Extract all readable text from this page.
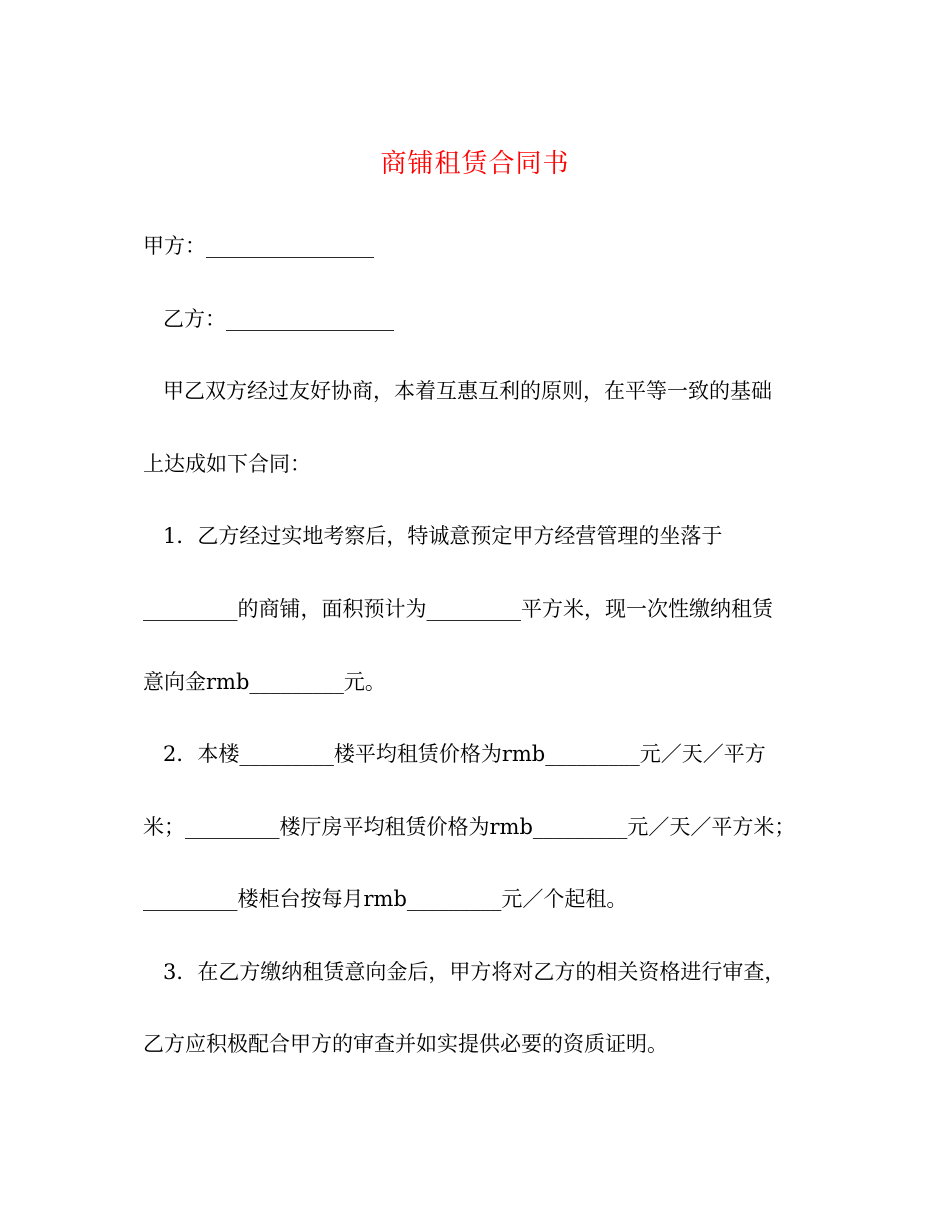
商铺租赁合同书
甲方：________________
乙方：________________
甲乙双方经过友好协商，本着互惠互利的原则，在平等一致的基础
上达成如下合同：
1．乙方经过实地考察后，特诚意预定甲方经营管理的坐落于
_________的商铺，面积预计为_________平方米，现一次性缴纳租赁
意向金rmb_________元。
2．本楼_________楼平均租赁价格为rmb_________元／天／平方
米；_________楼厅房平均租赁价格为rmb_________元／天／平方米；
_________楼柜台按每月rmb_________元／个起租。
3．在乙方缴纳租赁意向金后，甲方将对乙方的相关资格进行审查，
乙方应积极配合甲方的审查并如实提供必要的资质证明。
